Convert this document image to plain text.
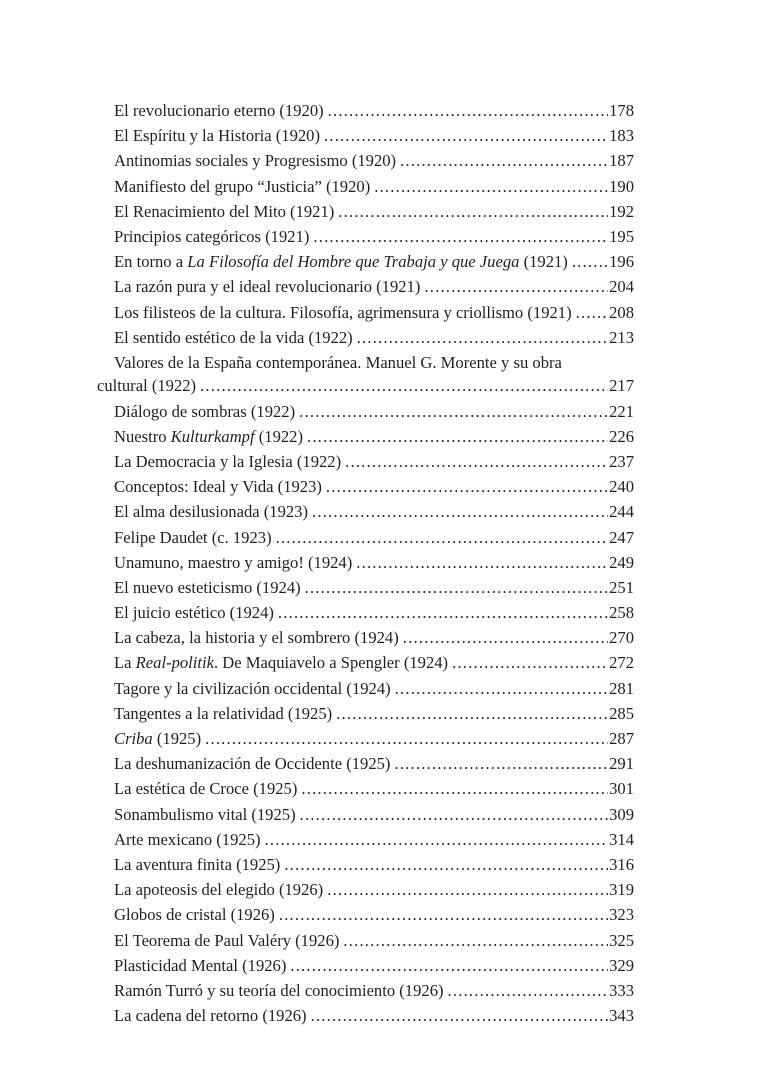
El revolucionario eterno (1920) .....	178
El Espíritu y la Historia (1920) .....	183
Antinomias sociales y Progresismo (1920) .....	187
Manifiesto del grupo “Justicia” (1920) .....	190
El Renacimiento del Mito (1921) .....	192
Principios categóricos (1921) .....	195
En torno a La Filosofía del Hombre que Trabaja y que Juega (1921) ..... 196
La razón pura y el ideal revolucionario (1921) .....	204
Los filisteos de la cultura. Filosofía, agrimensura y criollismo (1921) ..... 208
El sentido estético de la vida (1922) .....	213
Valores de la España contemporánea. Manuel G. Morente y su obra
cultural (1922) .....	217
Diálogo de sombras (1922) .....	221
Nuestro Kulturkampf (1922) .....	226
La Democracia y la Iglesia (1922) .....	237
Conceptos: Ideal y Vida (1923) .....	240
El alma desilusionada (1923) .....	244
Felipe Daudet (c. 1923) .....	247
Unamuno, maestro y amigo! (1924) .....	249
El nuevo esteticismo (1924) .....	251
El juicio estético (1924) .....	258
La cabeza, la historia y el sombrero (1924) .....	270
La Real-politik. De Maquiavelo a Spengler (1924) .....	272
Tagore y la civilización occidental (1924) .....	281
Tangentes a la relatividad (1925) .....	285
Criba (1925) .....	287
La deshumanización de Occidente (1925) .....	291
La estética de Croce (1925) .....	301
Sonambulismo vital (1925) .....	309
Arte mexicano (1925) .....	314
La aventura finita (1925) .....	316
La apoteosis del elegido (1926) .....	319
Globos de cristal (1926) .....	323
El Teorema de Paul Valéry (1926) .....	325
Plasticidad Mental (1926) .....	329
Ramón Turró y su teoría del conocimiento (1926) .....	333
La cadena del retorno (1926) .....	343
